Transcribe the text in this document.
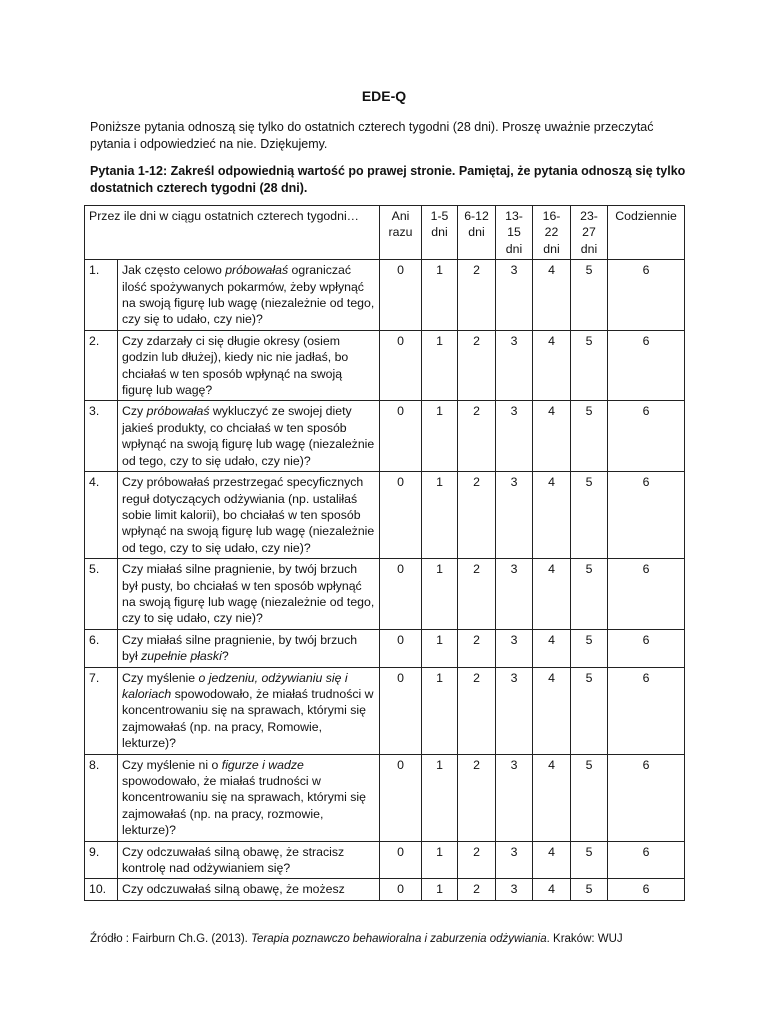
EDE-Q
Poniższe pytania odnoszą się tylko do ostatnich czterech tygodni (28 dni). Proszę uważnie przeczytać pytania i odpowiedzieć na nie. Dziękujemy.
Pytania 1-12: Zakreśl odpowiednią wartość po prawej stronie. Pamiętaj, że pytania odnoszą się tylko dostatnich czterech tygodni (28 dni).
Przez ile dni w ciągu ostatnich czterech tygodni…		Ani razu	1-5 dni	6-12 dni	13-15 dni	16-22 dni	23-27 dni	Codziennie
1.	Jak często celowo próbowałaś ograniczać ilość spożywanych pokarmów, żeby wpłynąć na swoją figurę lub wagę (niezależnie od tego, czy się to udało, czy nie)?	0	1	2	3	4	5	6
2.	Czy zdarzały ci się długie okresy (osiem godzin lub dłużej), kiedy nic nie jadłaś, bo chciałaś w ten sposób wpłynąć na swoją figurę lub wagę?	0	1	2	3	4	5	6
3.	Czy próbowałaś wykluczyć ze swojej diety jakieś produkty, co chciałaś w ten sposób wpłynąć na swoją figurę lub wagę (niezależnie od tego, czy to się udało, czy nie)?	0	1	2	3	4	5	6
4.	Czy próbowałaś przestrzegać specyficznych reguł dotyczących odżywiania (np. ustaliłaś sobie limit kalorii), bo chciałaś w ten sposób wpłynąć na swoją figurę lub wagę (niezależnie od tego, czy to się udało, czy nie)?	0	1	2	3	4	5	6
5.	Czy miałaś silne pragnienie, by twój brzuch był pusty, bo chciałaś w ten sposób wpłynąć na swoją figurę lub wagę (niezależnie od tego, czy to się udało, czy nie)?	0	1	2	3	4	5	6
6.	Czy miałaś silne pragnienie, by twój brzuch był zupełnie płaski?	0	1	2	3	4	5	6
7.	Czy myślenie o jedzeniu, odżywianiu się i kaloriach spowodowało, że miałaś trudności w koncentrowaniu się na sprawach, którymi się zajmowałaś (np. na pracy, Romowie, lekturze)?	0	1	2	3	4	5	6
8.	Czy myślenie ni o figurze i wadze spowodowało, że miałaś trudności w koncentrowaniu się na sprawach, którymi się zajmowałaś (np. na pracy, rozmowie, lekturze)?	0	1	2	3	4	5	6
9.	Czy odczuwałaś silną obawę, że stracisz kontrolę nad odżywianiem się?	0	1	2	3	4	5	6
10.	Czy odczuwałaś silną obawę, że możesz	0	1	2	3	4	5	6
Źródło : Fairburn Ch.G. (2013). Terapia poznawczo behawioralna i zaburzenia odżywiania. Kraków: WUJ
